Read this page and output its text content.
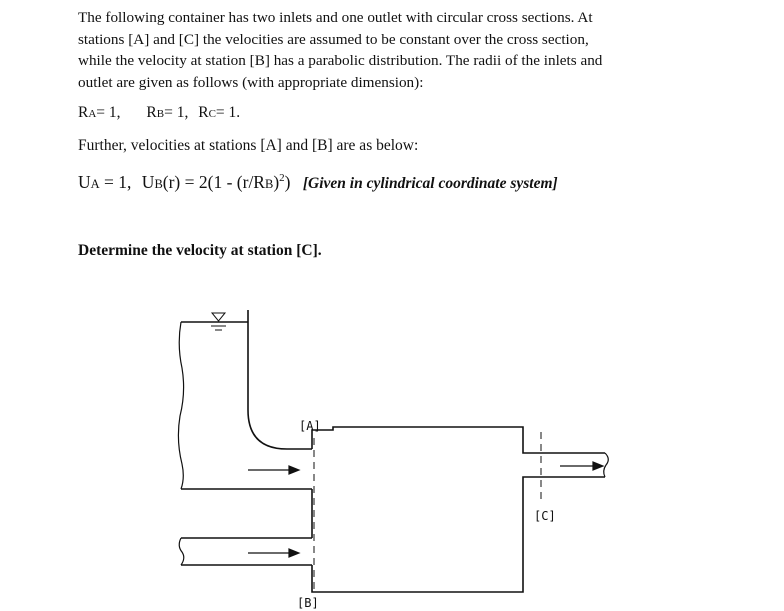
The following container has two inlets and one outlet with circular cross sections. At

stations [A] and [C] the velocities are assumed to be constant over the cross section,

while the velocity at station [B] has a parabolic distribution. The radii of the inlets and

outlet are given as follows (with appropriate dimension):

RA= 1, RB= 1, RC= 1.
Further, velocities at stations [A] and [B] are as below:
UA = 1, $UB(r) = 2(1 - (r/RB)^2)$ [Given in cylindrical coordinate system]
Determine the velocity at station [C].
[A]
[B]
[C]
